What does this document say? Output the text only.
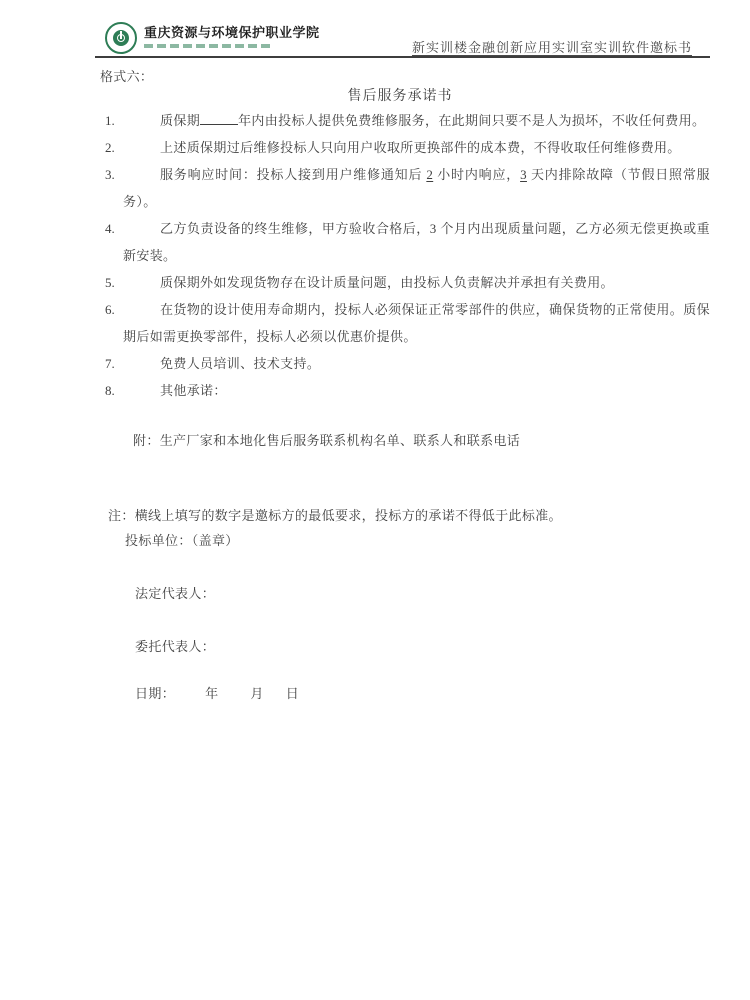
重庆资源与环境保护职业学院
新实训楼金融创新应用实训室实训软件邀标书
格式六：
售后服务承诺书
1.	质保期	年内由投标人提供免费维修服务，在此期间只要不是人为损坏，不收任何费用。
2.	上述质保期过后维修投标人只向用户收取所更换部件的成本费，不得收取任何维修费用。
3.	服务响应时间：投标人接到用户维修通知后 2 小时内响应，3 天内排除故障（节假日照常服务）。
4.	乙方负责设备的终生维修，甲方验收合格后，3 个月内出现质量问题，乙方必须无偿更换或重新安装。
5.	质保期外如发现货物存在设计质量问题，由投标人负责解决并承担有关费用。
6.	在货物的设计使用寿命期内，投标人必须保证正常零部件的供应，确保货物的正常使用。质保期后如需更换零部件，投标人必须以优惠价提供。
7.	免费人员培训、技术支持。
8.	其他承诺：
附：生产厂家和本地化售后服务联系机构名单、联系人和联系电话
注：横线上填写的数字是邀标方的最低要求，投标方的承诺不得低于此标准。
投标单位：（盖章）
法定代表人：
委托代表人：
日期： 年 月 日
